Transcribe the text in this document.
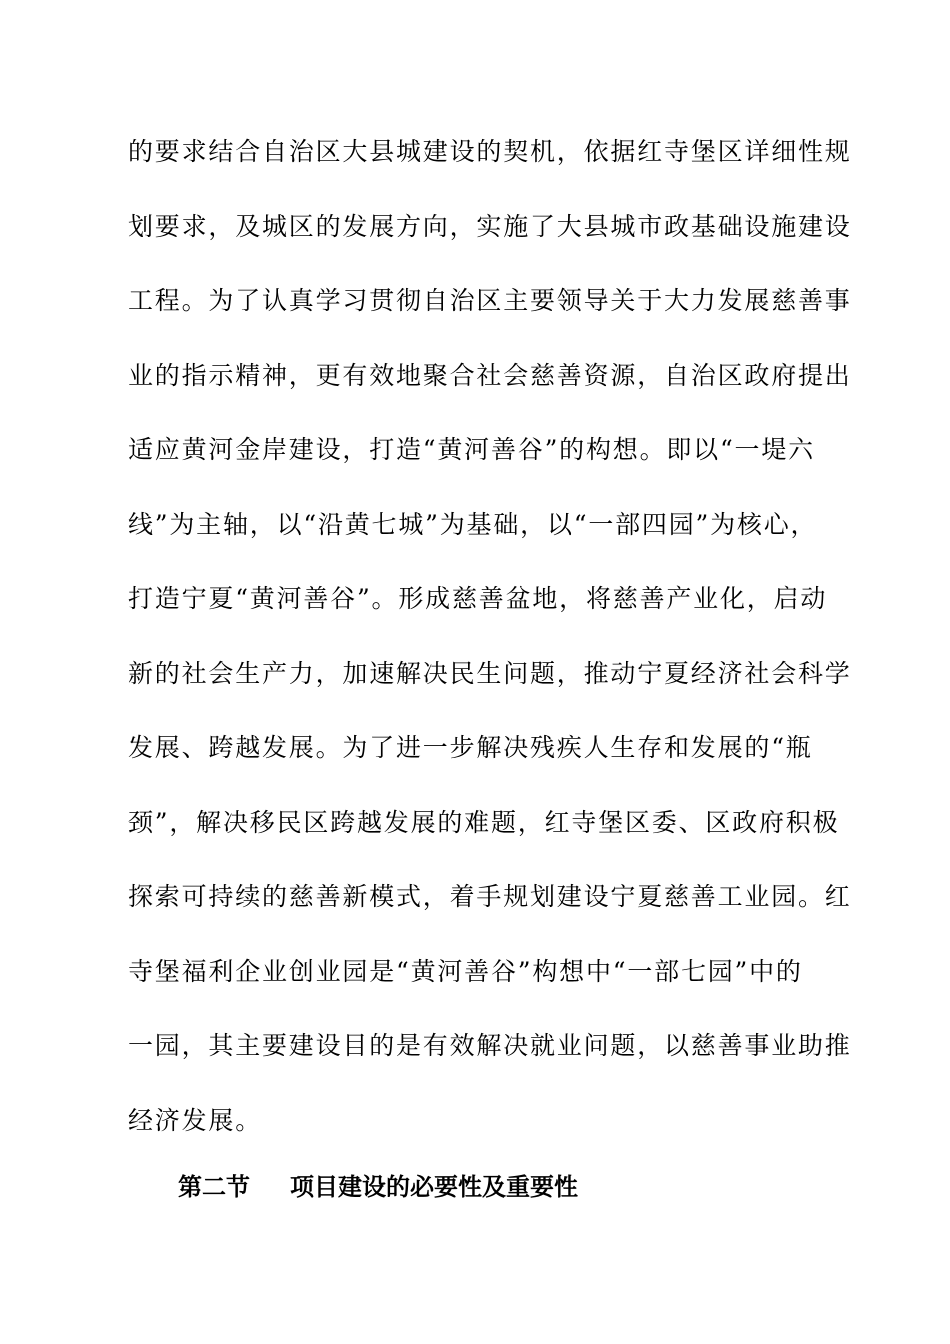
的要求结合自治区大县城建设的契机，依据红寺堡区详细性规
划要求，及城区的发展方向，实施了大县城市政基础设施建设
工程。为了认真学习贯彻自治区主要领导关于大力发展慈善事
业的指示精神，更有效地聚合社会慈善资源，自治区政府提出
适应黄河金岸建设，打造“黄河善谷”的构想。即以“一堤六
线”为主轴，以“沿黄七城”为基础，以“一部四园”为核心，
打造宁夏“黄河善谷”。形成慈善盆地，将慈善产业化，启动
新的社会生产力，加速解决民生问题，推动宁夏经济社会科学
发展、跨越发展。为了进一步解决残疾人生存和发展的“瓶
颈”，解决移民区跨越发展的难题，红寺堡区委、区政府积极
探索可持续的慈善新模式，着手规划建设宁夏慈善工业园。红
寺堡福利企业创业园是“黄河善谷”构想中“一部七园”中的
一园，其主要建设目的是有效解决就业问题，以慈善事业助推
经济发展。
第二节 项目建设的必要性及重要性
